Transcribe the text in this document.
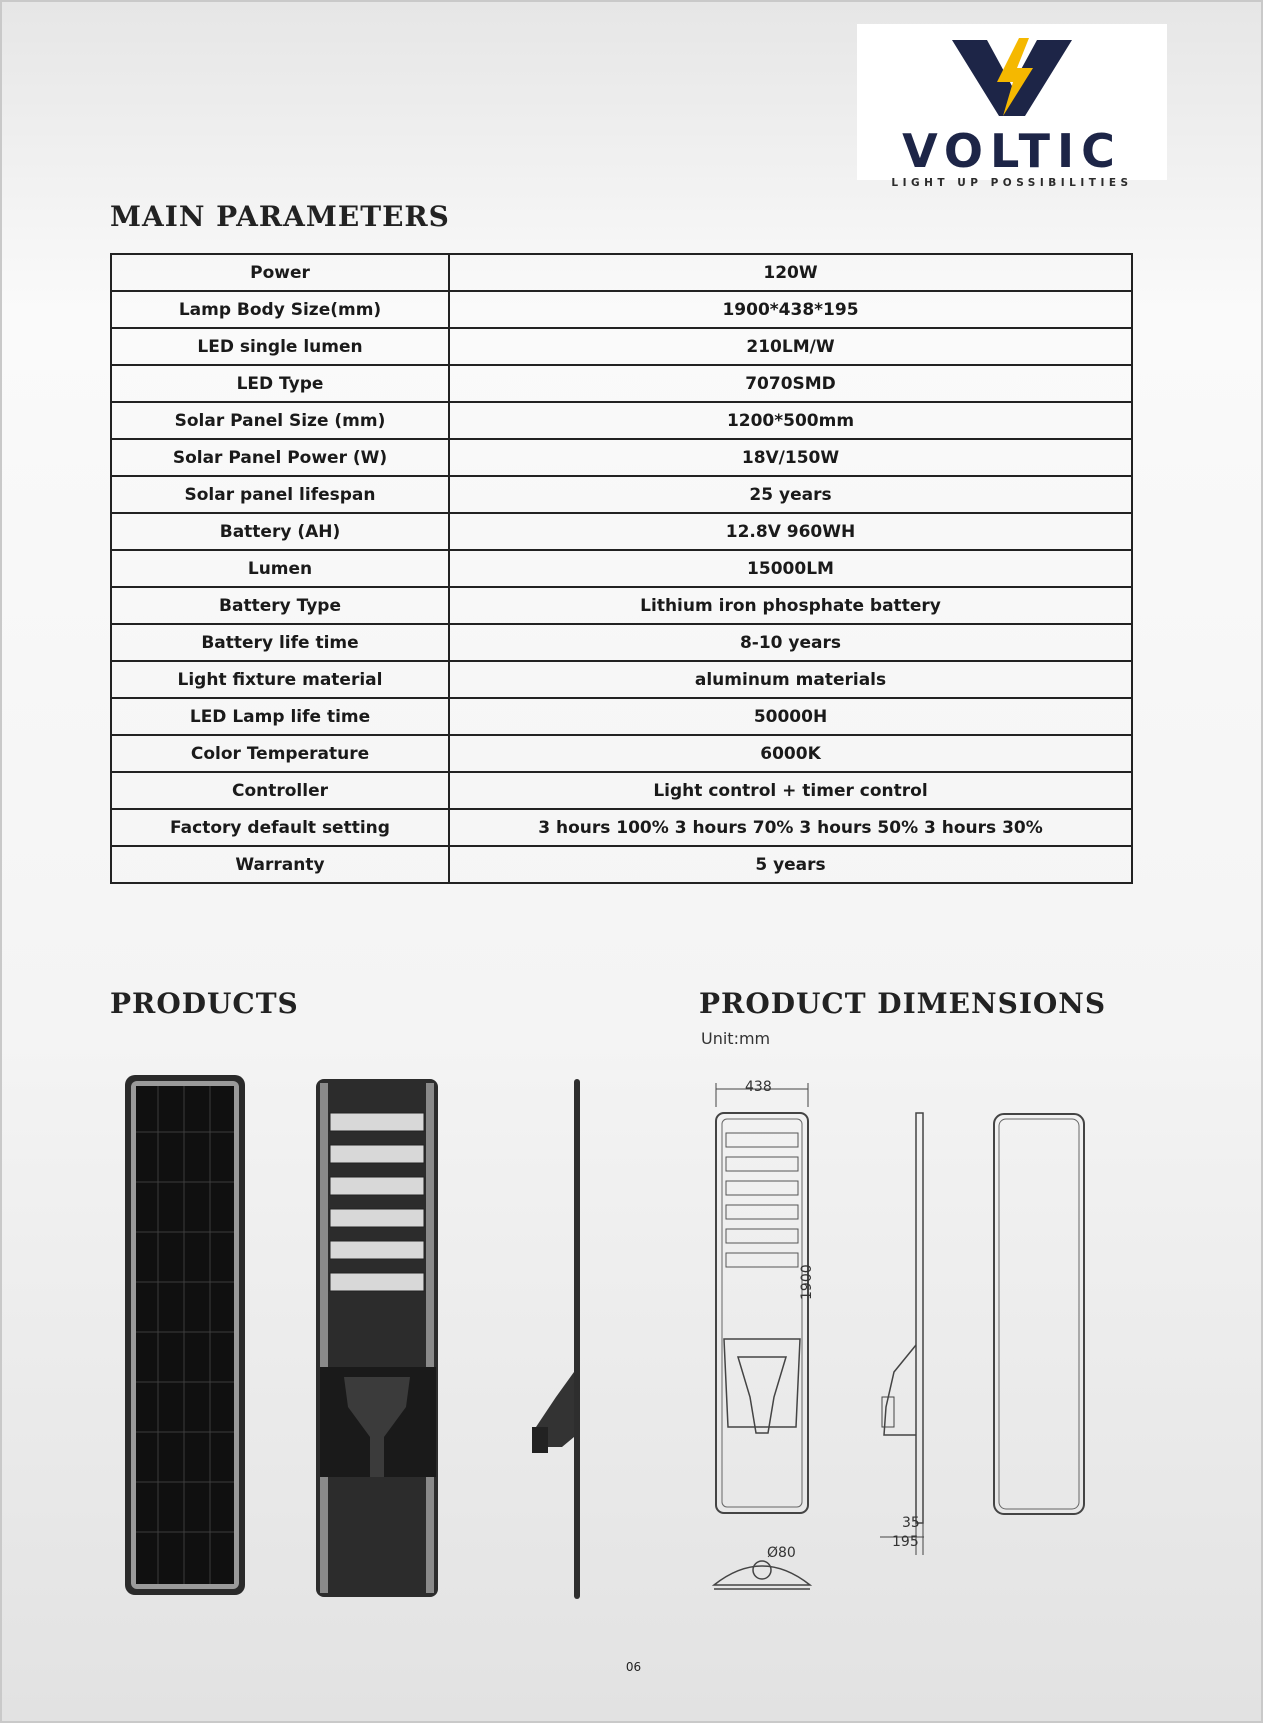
VOLTIC
LIGHT UP POSSIBILITIES
MAIN PARAMETERS
Power	120W
Lamp Body Size(mm)	1900*438*195
LED single lumen	210LM/W
LED Type	7070SMD
Solar Panel Size (mm)	1200*500mm
Solar Panel Power (W)	18V/150W
Solar panel lifespan	25 years
Battery (AH)	12.8V 960WH
Lumen	15000LM
Battery Type	Lithium iron phosphate battery
Battery life time	8-10 years
Light fixture material	aluminum materials
LED Lamp life time	50000H
Color Temperature	6000K
Controller	Light control + timer control
Factory default setting	3 hours 100% 3 hours 70% 3 hours 50% 3 hours 30%
Warranty	5 years
PRODUCTS	PRODUCT DIMENSIONS
Unit:mm
438
1900
Ø80
35
195
06
